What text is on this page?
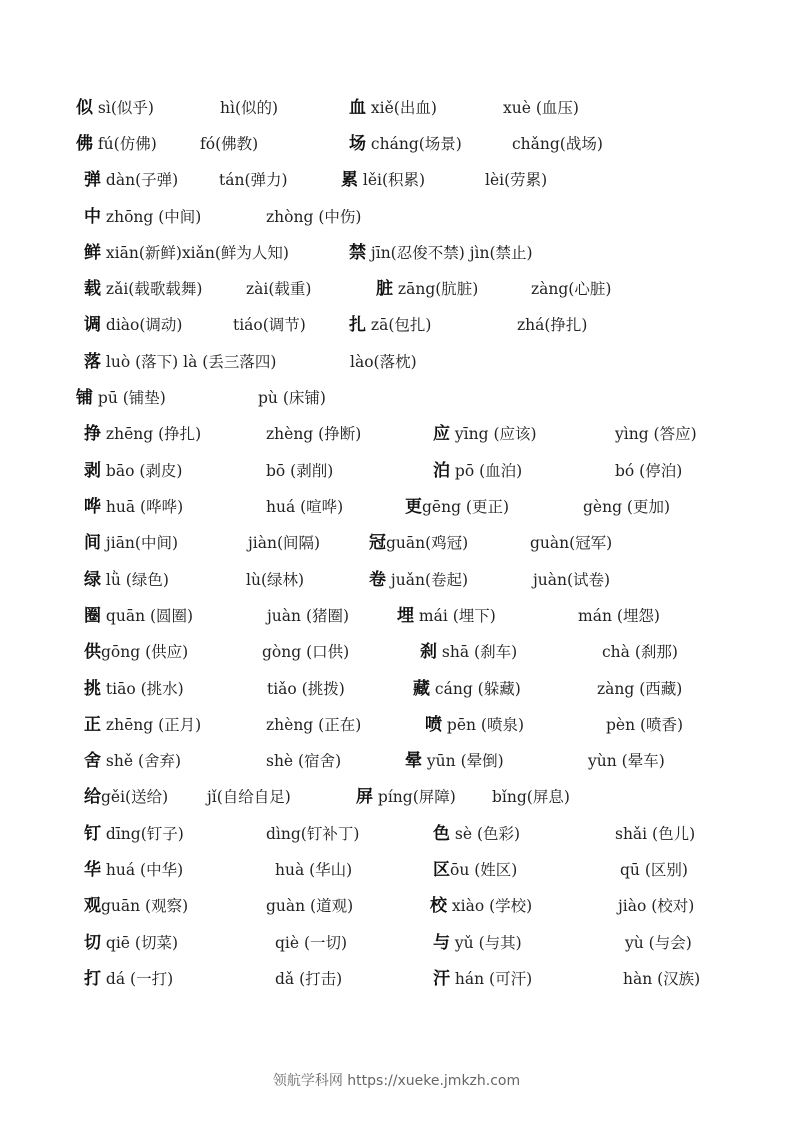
似 sì(似乎)	hì(似的)	血 xiě(出血)	xuè (血压)
佛 fú(仿佛)	fó(佛教)	场 cháng(场景)	chǎng(战场)
弹 dàn(子弹)	tán(弹力)	累 lěi(积累)	lèi(劳累)
中 zhōng (中间)	zhòng (中伤)
鲜 xiān(新鲜)xiǎn(鲜为人知)	禁 jīn(忍俊不禁) jìn(禁止)
载 zǎi(载歌载舞)	zài(载重)	脏 zāng(肮脏)	zàng(心脏)
调 diào(调动)	tiáo(调节)	扎 zā(包扎)	zhá(挣扎)
落 luò (落下) là (丢三落四)	lào(落枕)
铺 pū (铺垫)	pù (床铺)
挣 zhēng (挣扎)	zhèng (挣断)	应 yīng (应该)	yìng (答应)
剥 bāo (剥皮)	bō (剥削)	泊 pō (血泊)	bó (停泊)
哗 huā (哗哗)	huá (喧哗)	更gēng (更正)	gèng (更加)
间 jiān(中间)	jiàn(间隔)	冠guān(鸡冠)	guàn(冠军)
绿 lǜ (绿色)	lù(绿林)	卷 juǎn(卷起)	juàn(试卷)
圈 quān (圆圈)	juàn (猪圈)	埋 mái (埋下)	mán (埋怨)
供gōng (供应)	gòng (口供)	刹 shā (刹车)	chà (刹那)
挑 tiāo (挑水)	tiǎo (挑拨)	藏 cáng (躲藏)	zàng (西藏)
正 zhēng (正月)	zhèng (正在)	喷 pēn (喷泉)	pèn (喷香)
舍 shě (舍弃)	shè (宿舍)	晕 yūn (晕倒)	yùn (晕车)
给gěi(送给)	jǐ(自给自足)	屏 píng(屏障) bǐng(屏息)
钉 dīng(钉子)	dìng(钉补丁)	色 sè (色彩)	shǎi (色儿)
华 huá (中华)	huà (华山)	区ōu (姓区)	qū (区别)
观guān (观察)	guàn (道观)	校 xiào (学校)	jiào (校对)
切 qiē (切菜)	qiè (一切)	与 yǔ (与其)	yù (与会)
打 dá (一打)	dǎ (打击)	汗 hán (可汗)	hàn (汉族)
领航学科网 https://xueke.jmkzh.com
